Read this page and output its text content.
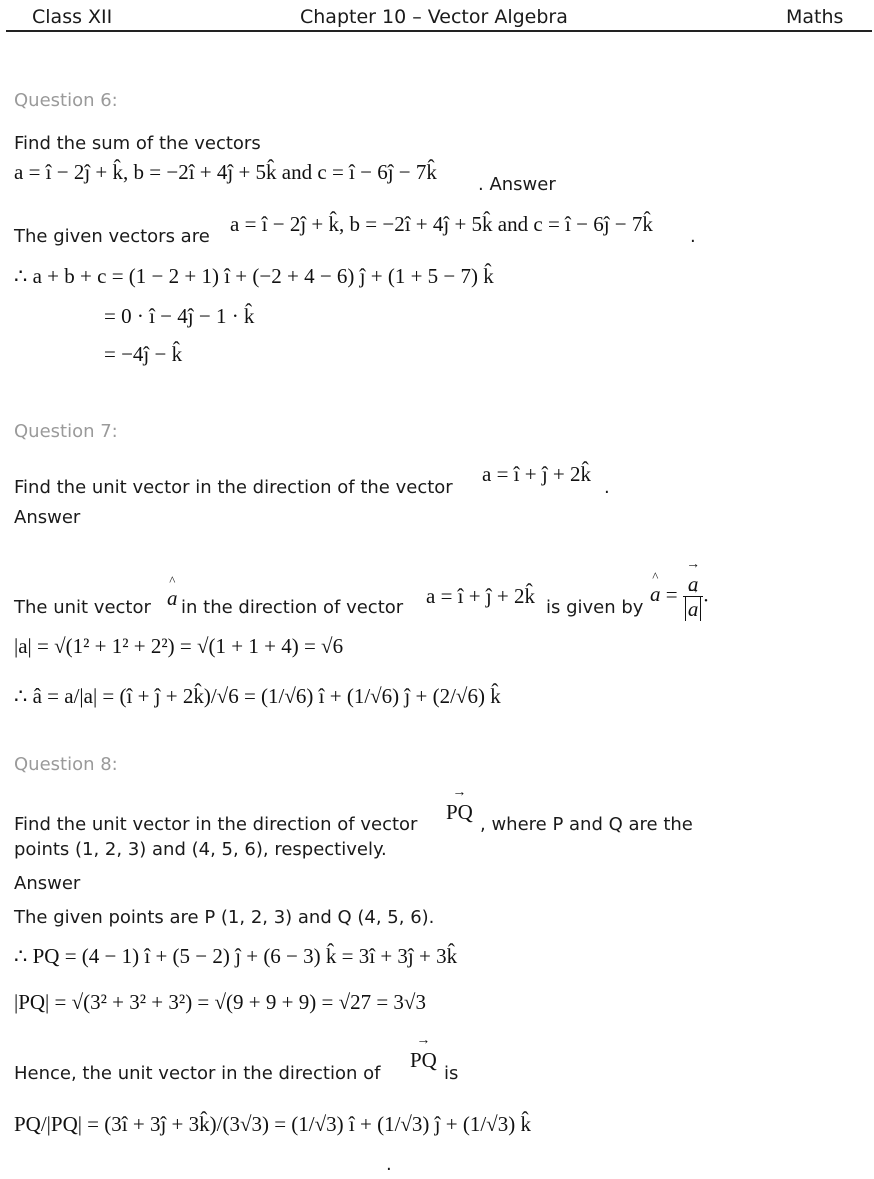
Class XII	Chapter 10 – Vector Algebra	Maths
Question 6:
Find the sum of the vectors
a = î − 2ĵ + k̂, b = −2î + 4ĵ + 5k̂ and c = î − 6ĵ − 7k̂
. Answer
The given vectors are
a = î − 2ĵ + k̂, b = −2î + 4ĵ + 5k̂ and c = î − 6ĵ − 7k̂
.
∴ a + b + c = (1 − 2 + 1) î + (−2 + 4 − 6) ĵ + (1 + 5 − 7) k̂
= 0 · î − 4ĵ − 1 · k̂
= −4ĵ − k̂
Question 7:
Find the unit vector in the direction of the vector
a = î + ĵ + 2k̂
.
Answer
The unit vector ^ a in the direction of vector a = î + ĵ + 2k̂ is given by
^ a = → a
→ a .
|a| = √(1² + 1² + 2²) = √(1 + 1 + 4) = √6
∴ â = a/|a| = (î + ĵ + 2k̂)/√6 = (1/√6) î + (1/√6) ĵ + (2/√6) k̂
Question 8:
Find the unit vector in the direction of vector
→ PQ
, where P and Q are the
points (1, 2, 3) and (4, 5, 6), respectively.
Answer
The given points are P (1, 2, 3) and Q (4, 5, 6).
∴ PQ = (4 − 1) î + (5 − 2) ĵ + (6 − 3) k̂ = 3î + 3ĵ + 3k̂
|PQ| = √(3² + 3² + 3²) = √(9 + 9 + 9) = √27 = 3√3
Hence, the unit vector in the direction of
→ PQ
is
PQ/|PQ| = (3î + 3ĵ + 3k̂)/(3√3) = (1/√3) î + (1/√3) ĵ + (1/√3) k̂
.
